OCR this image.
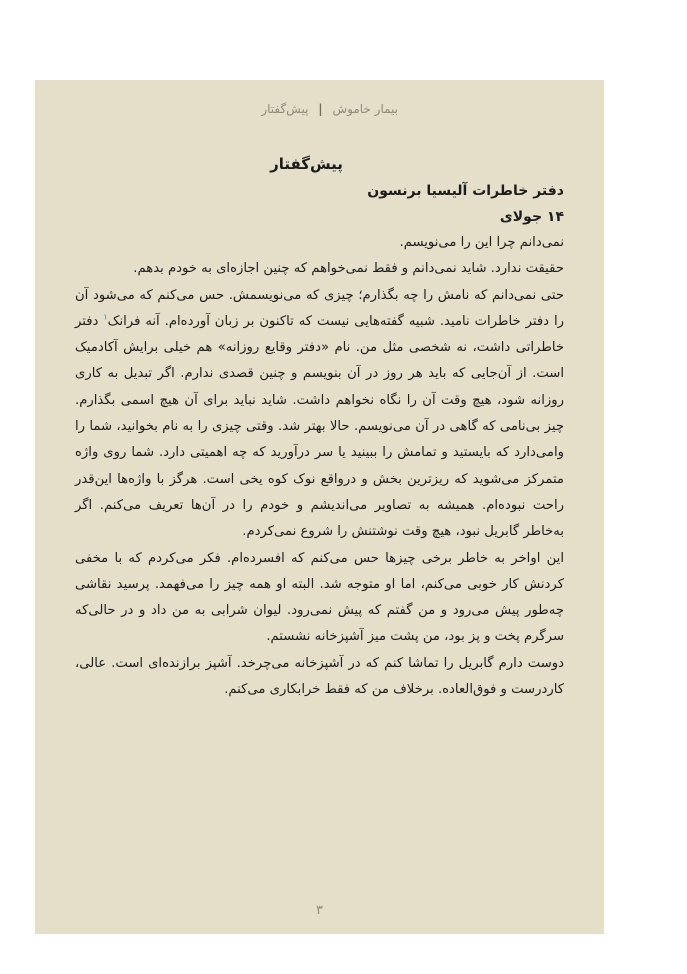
بیمار خاموش | پیش‌گفتار
پیش‌گفتار
دفتر خاطرات آلیسیا برنسون
۱۴ جولای

نمی‌دانم چرا این را می‌نویسم.

حقیقت ندارد. شاید نمی‌دانم و فقط نمی‌خواهم که چنین اجازه‌ای به خودم بدهم.

حتی نمی‌دانم که نامش را چه بگذارم؛ چیزی که می‌نویسمش. حس می‌کنم که می‌شود آن را دفتر خاطرات نامید. شبیه گفته‌هایی نیست که تاکنون بر زبان آورده‌ام. آنه فرانک$^۱$ دفتر خاطراتی داشت، نه شخصی مثل من. نام «دفتر وقایع روزانه» هم خیلی برایش آکادمیک است. از آن‌جایی که باید هر روز در آن بنویسم و چنین قصدی ندارم. اگر تبدیل به کاری روزانه شود، هیچ وقت آن را نگاه نخواهم داشت. شاید نباید برای آن هیچ اسمی بگذارم. چیز بی‌نامی که گاهی در آن می‌نویسم. حالا بهتر شد. وقتی چیزی را به نام بخوانید، شما را وامی‌دارد که بایستید و تمامش را ببینید یا سر درآورید که چه اهمیتی دارد. شما روی واژه متمرکز می‌شوید که ریزترین بخش و درواقع نوک کوه یخی است. هرگز با واژه‌ها این‌قدر راحت نبوده‌ام. همیشه به تصاویر می‌اندیشم و خودم را در آن‌ها تعریف می‌کنم. اگر به‌خاطر گابریل نبود، هیچ وقت نوشتنش را شروع نمی‌کردم.

این اواخر به خاطر برخی چیزها حس می‌کنم که افسرده‌ام. فکر می‌کردم که با مخفی کردنش کار خوبی می‌کنم، اما او متوجه شد. البته او همه چیز را می‌فهمد. پرسید نقاشی چه‌طور پیش می‌رود و من گفتم که پیش نمی‌رود. لیوان شرابی به من داد و در حالی‌که سرگرم پخت و پز بود، من پشت میز آشپزخانه نشستم.

دوست دارم گابریل را تماشا کنم که در آشپزخانه می‌چرخد. آشپز برازنده‌ای است. عالی، کاردرست و فوق‌العاده. برخلاف من که فقط خرابکاری می‌کنم.

۳
